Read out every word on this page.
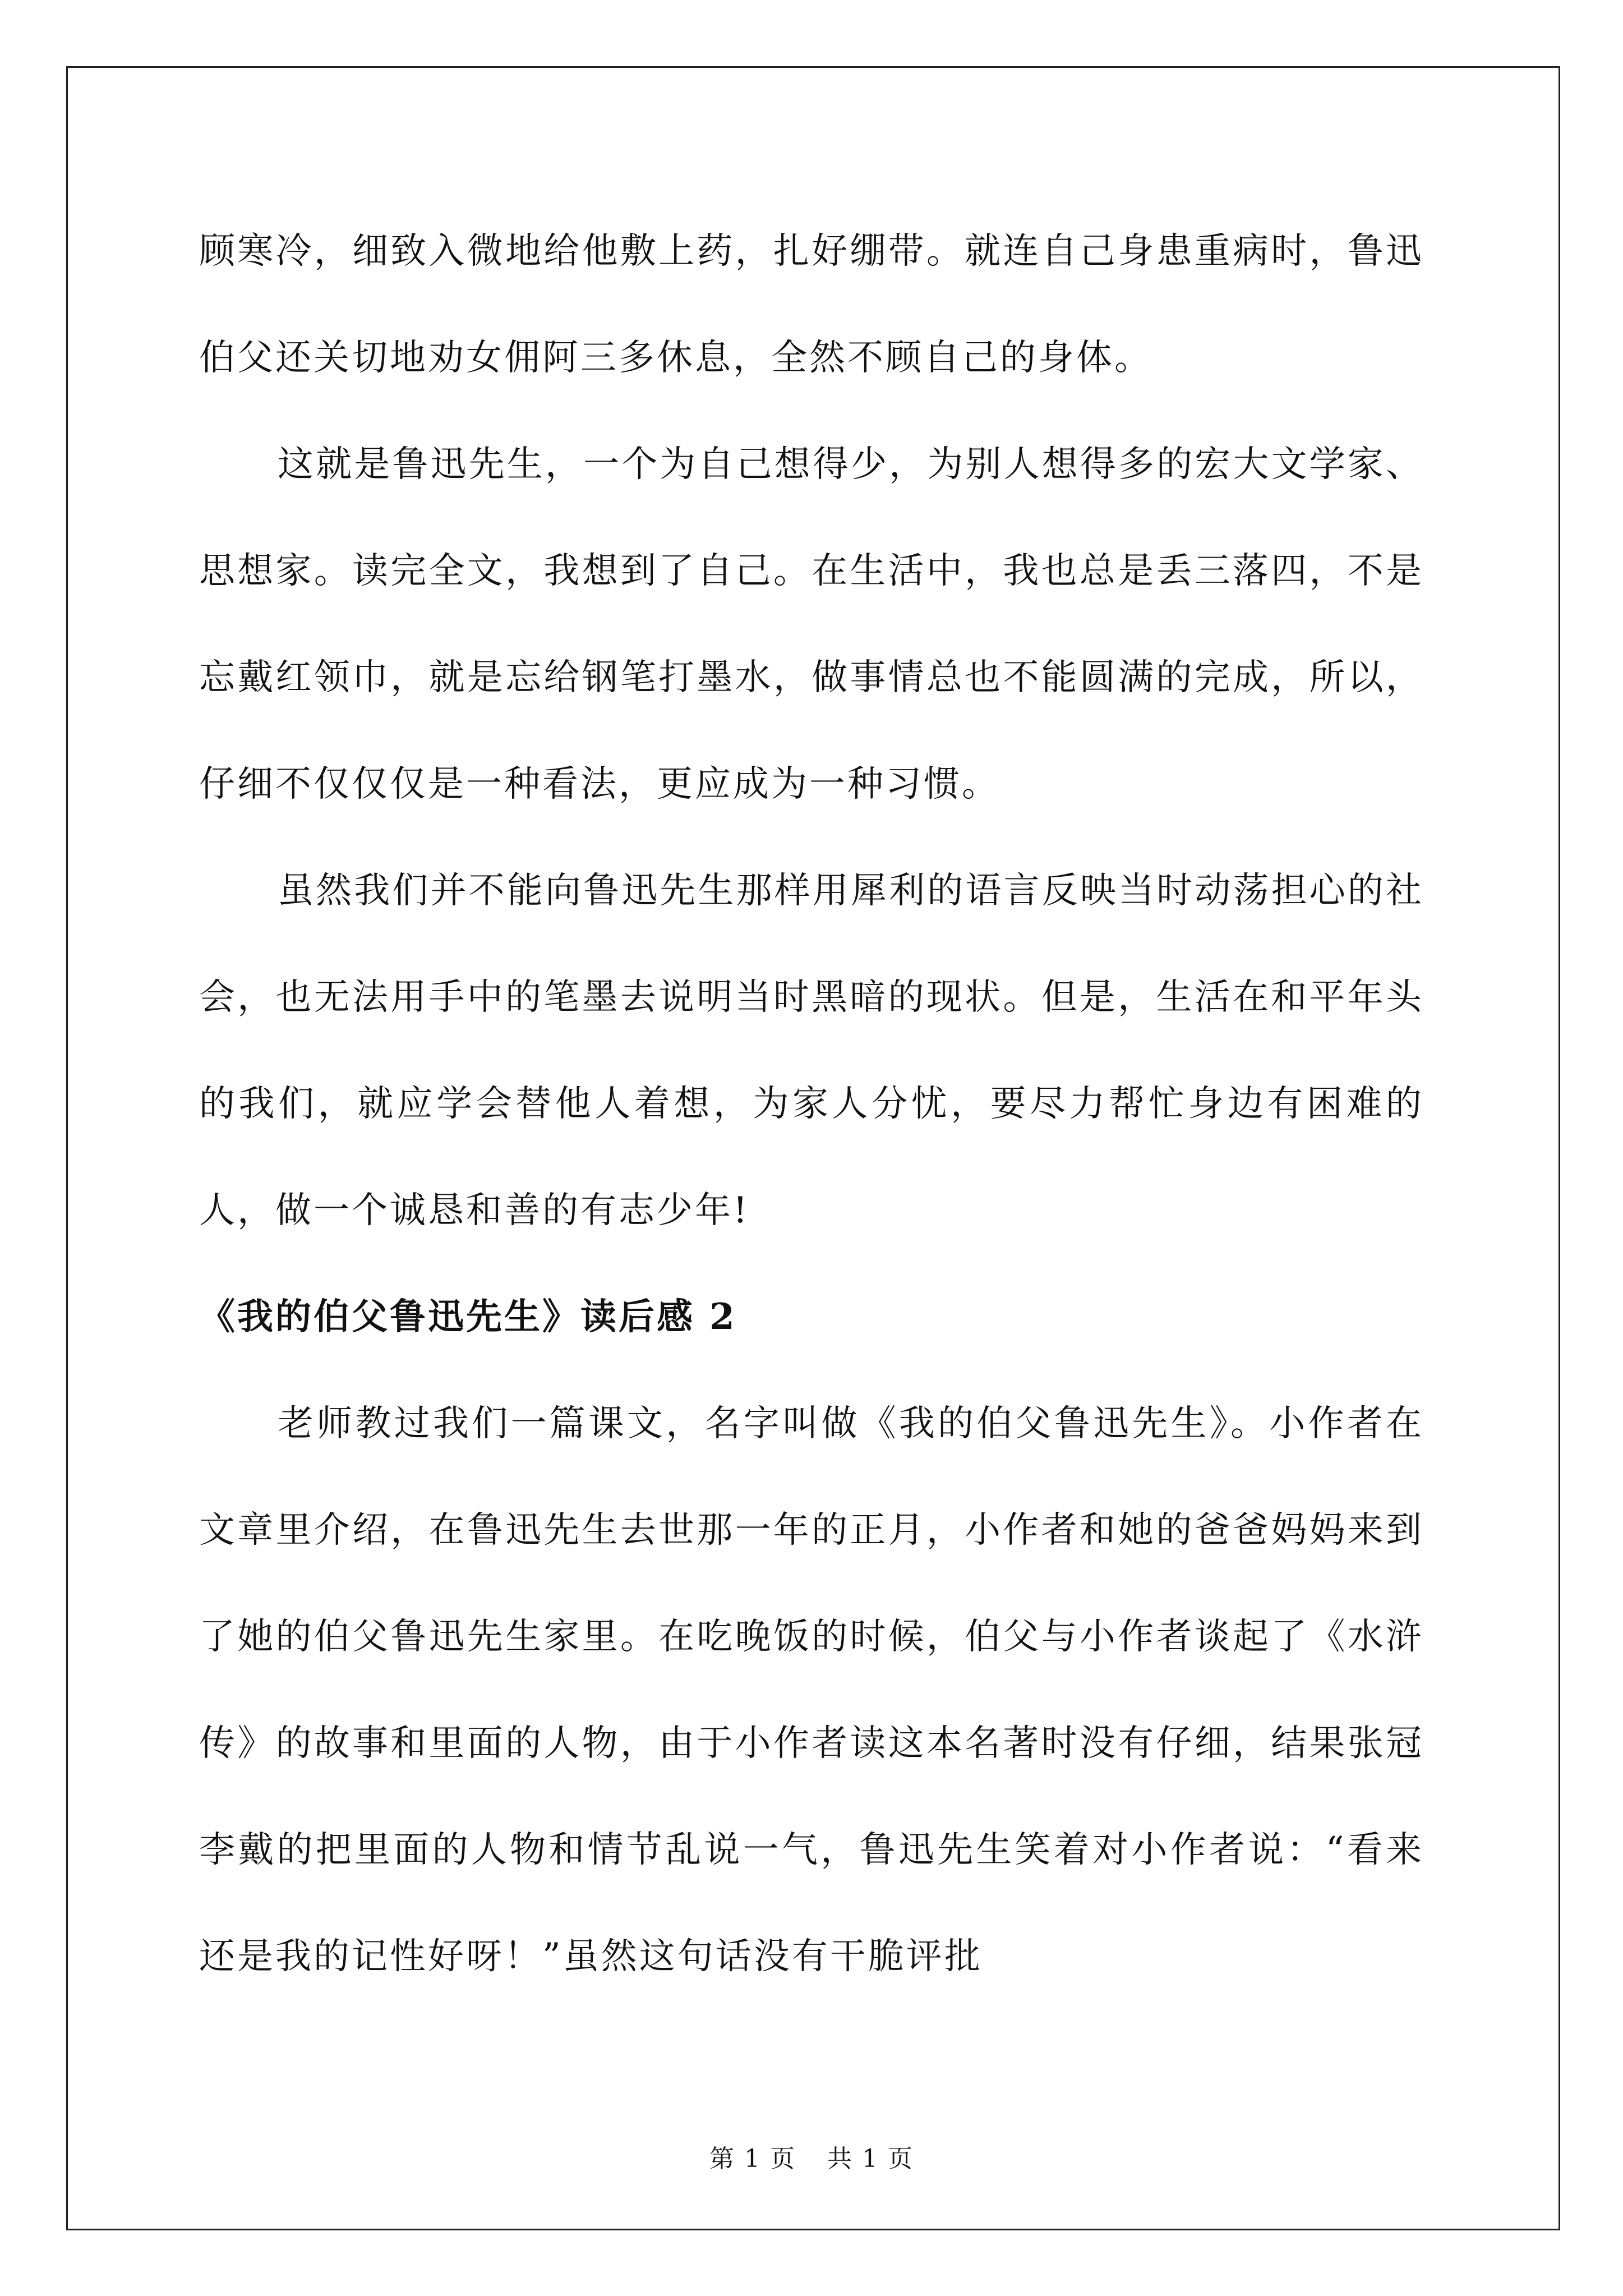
顾寒冷，细致入微地给他敷上药，扎好绷带。就连自己身患重病时，鲁迅伯父还关切地劝女佣阿三多休息，全然不顾自己的身体。

这就是鲁迅先生，一个为自己想得少，为别人想得多的宏大文学家、思想家。读完全文，我想到了自己。在生活中，我也总是丢三落四，不是忘戴红领巾，就是忘给钢笔打墨水，做事情总也不能圆满的完成，所以，仔细不仅仅仅是一种看法，更应成为一种习惯。

虽然我们并不能向鲁迅先生那样用犀利的语言反映当时动荡担心的社会，也无法用手中的笔墨去说明当时黑暗的现状。但是，生活在和平年头的我们，就应学会替他人着想，为家人分忧，要尽力帮忙身边有困难的人，做一个诚恳和善的有志少年!

《我的伯父鲁迅先生》读后感 2

老师教过我们一篇课文，名字叫做《我的伯父鲁迅先生》。小作者在文章里介绍，在鲁迅先生去世那一年的正月，小作者和她的爸爸妈妈来到了她的伯父鲁迅先生家里。在吃晚饭的时候，伯父与小作者谈起了《水浒传》的故事和里面的人物，由于小作者读这本名著时没有仔细，结果张冠李戴的把里面的人物和情节乱说一气，鲁迅先生笑着对小作者说：“看来还是我的记性好呀！”虽然这句话没有干脆评批

第 1 页 共 1 页
